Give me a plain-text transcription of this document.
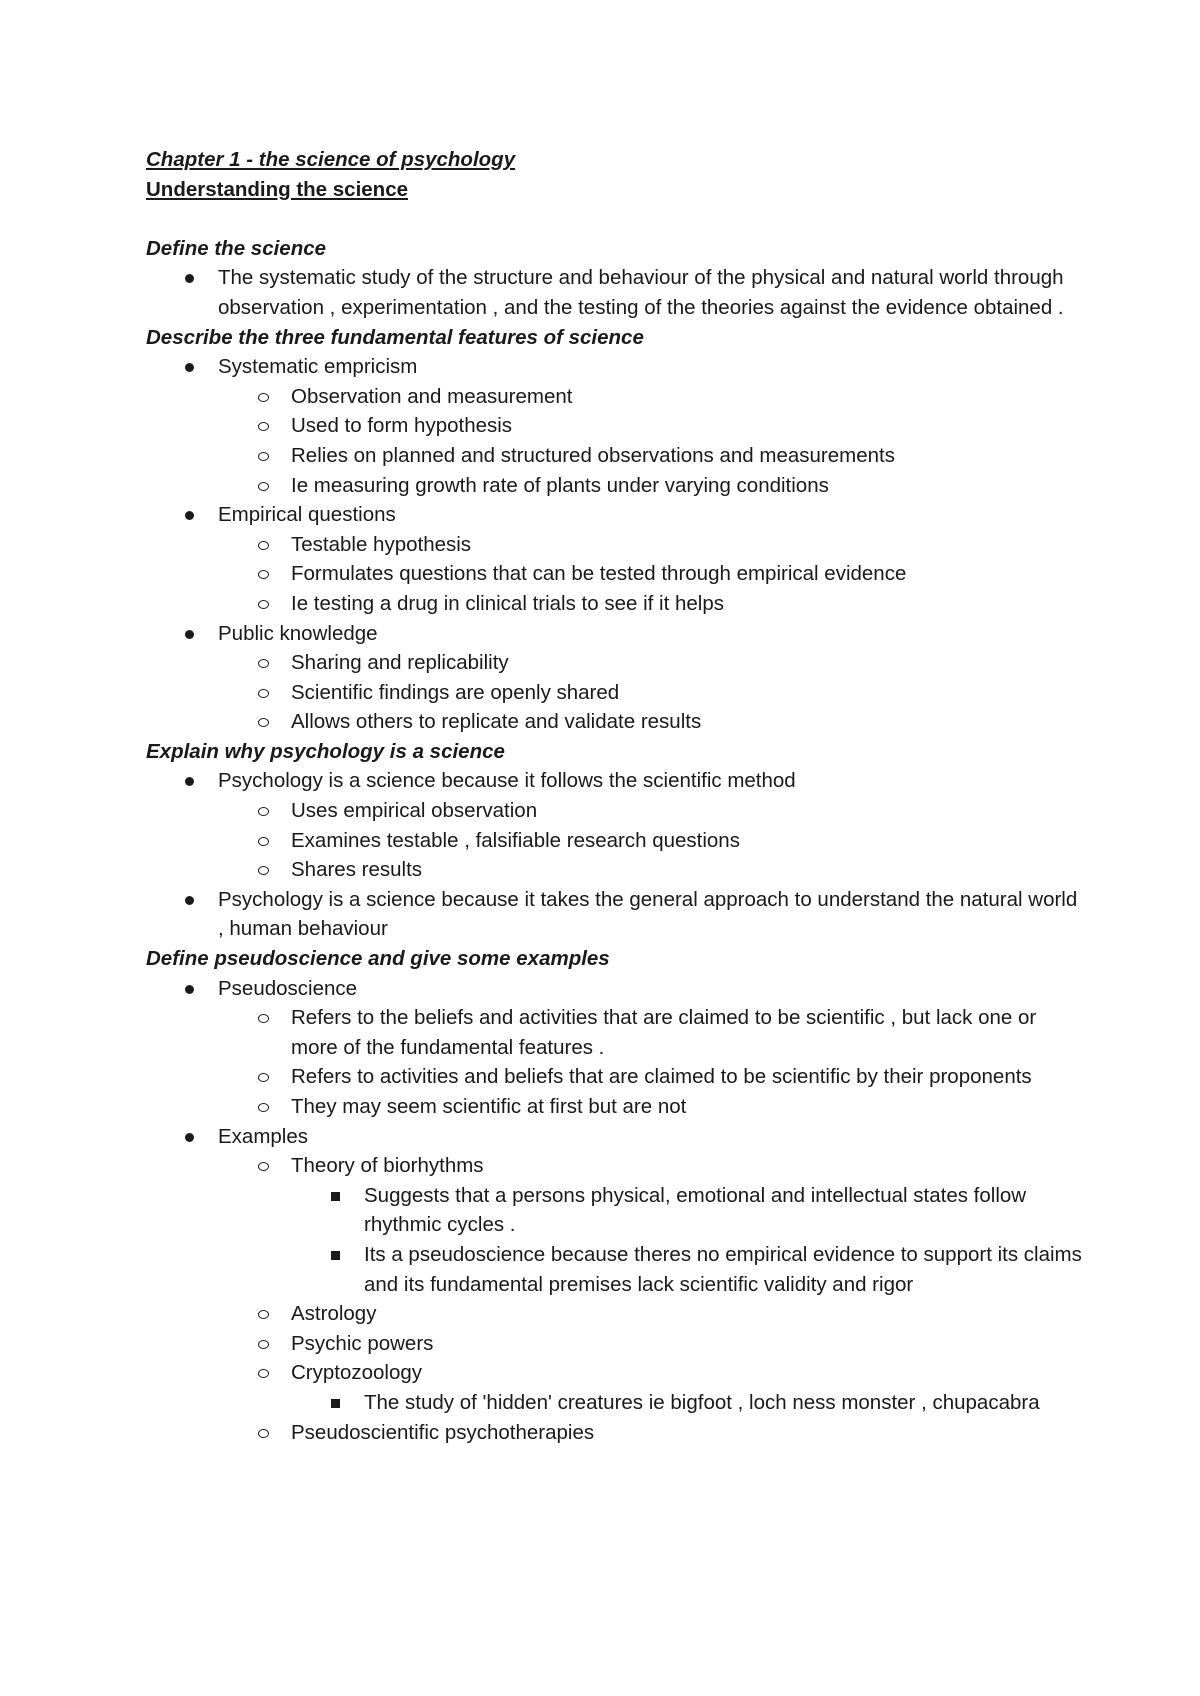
Chapter 1 - the science of psychology
Understanding the science
Define the science
The systematic study of the structure and behaviour of the physical and natural world through observation , experimentation , and the testing of the theories against the evidence obtained .
Describe the three fundamental features of science
Systematic empricism
Observation and measurement
Used to form hypothesis
Relies on planned and structured observations and measurements
Ie measuring growth rate of plants under varying conditions
Empirical questions
Testable hypothesis
Formulates questions that can be tested through empirical evidence
Ie testing a drug in clinical trials to see if it helps
Public knowledge
Sharing and replicability
Scientific findings are openly shared
Allows others to replicate and validate results
Explain why psychology is a science
Psychology is a science because it follows the scientific method
Uses empirical observation
Examines testable , falsifiable research questions
Shares results
Psychology is a science because it takes the general approach to understand the natural world , human behaviour
Define pseudoscience and give some examples
Pseudoscience
Refers to the beliefs and activities that are claimed to be scientific , but lack one or more of the fundamental features .
Refers to activities and beliefs that are claimed to be scientific by their proponents
They may seem scientific at first but are not
Examples
Theory of biorhythms
Suggests that a persons physical, emotional and intellectual states follow rhythmic cycles .
Its a pseudoscience because theres no empirical evidence to support its claims and its fundamental premises lack scientific validity and rigor
Astrology
Psychic powers
Cryptozoology
The study of 'hidden' creatures ie bigfoot , loch ness monster , chupacabra
Pseudoscientific psychotherapies
